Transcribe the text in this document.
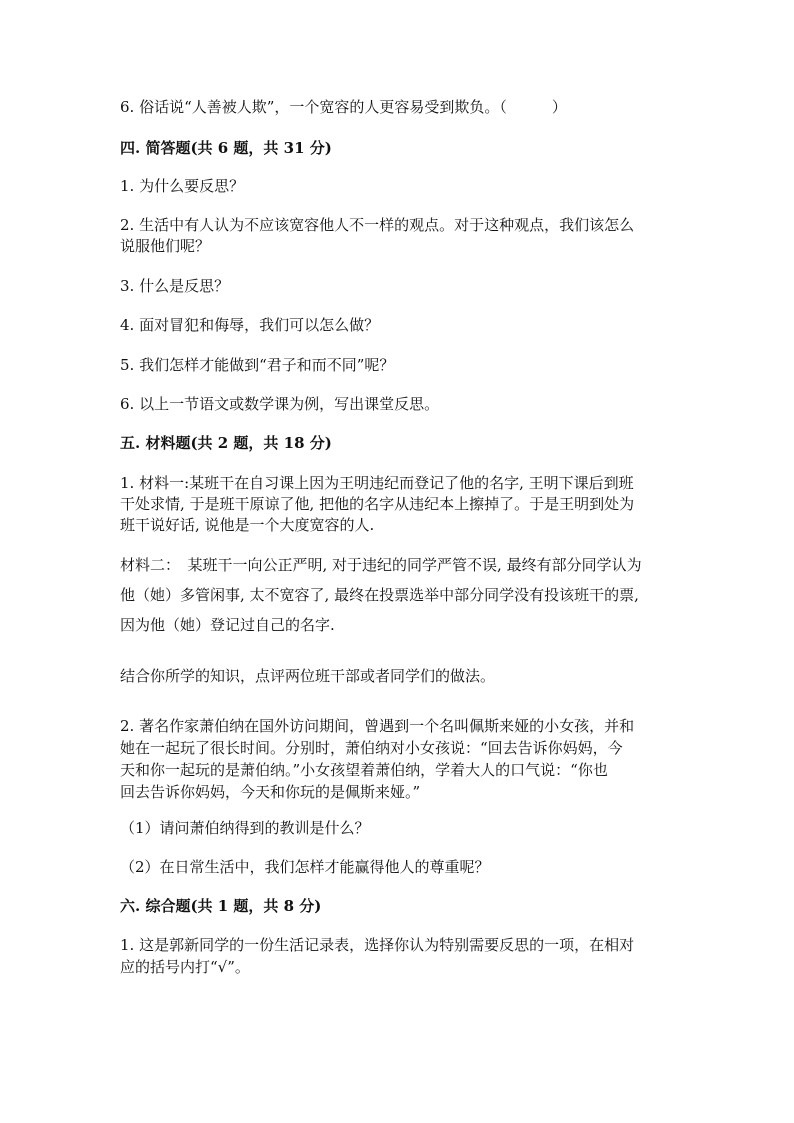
6. 俗话说“人善被人欺”，一个宽容的人更容易受到欺负。（　　　）
四. 简答题(共 6 题，共 31 分)
1. 为什么要反思？
2. 生活中有人认为不应该宽容他人不一样的观点。对于这种观点，我们该怎么
说服他们呢？
3. 什么是反思？
4. 面对冒犯和侮辱，我们可以怎么做？
5. 我们怎样才能做到“君子和而不同”呢？
6. 以上一节语文或数学课为例，写出课堂反思。
五. 材料题(共 2 题，共 18 分)
1. 材料一:某班干在自习课上因为王明违纪而登记了他的名字, 王明下课后到班
干处求情, 于是班干原谅了他, 把他的名字从违纪本上擦掉了。于是王明到处为
班干说好话, 说他是一个大度宽容的人.
材料二：　某班干一向公正严明, 对于违纪的同学严管不误, 最终有部分同学认为
他（她）多管闲事, 太不宽容了, 最终在投票选举中部分同学没有投该班干的票,
因为他（她）登记过自己的名字.
结合你所学的知识，点评两位班干部或者同学们的做法。
2. 著名作家萧伯纳在国外访问期间，曾遇到一个名叫佩斯来娅的小女孩，并和
她在一起玩了很长时间。分别时，萧伯纳对小女孩说：“回去告诉你妈妈，今
天和你一起玩的是萧伯纳。”小女孩望着萧伯纳，学着大人的口气说：“你也
回去告诉你妈妈，今天和你玩的是佩斯来娅。”
（1）请问萧伯纳得到的教训是什么？
（2）在日常生活中，我们怎样才能赢得他人的尊重呢？
六. 综合题(共 1 题，共 8 分)
1. 这是郭新同学的一份生活记录表，选择你认为特别需要反思的一项，在相对
应的括号内打“√”。
